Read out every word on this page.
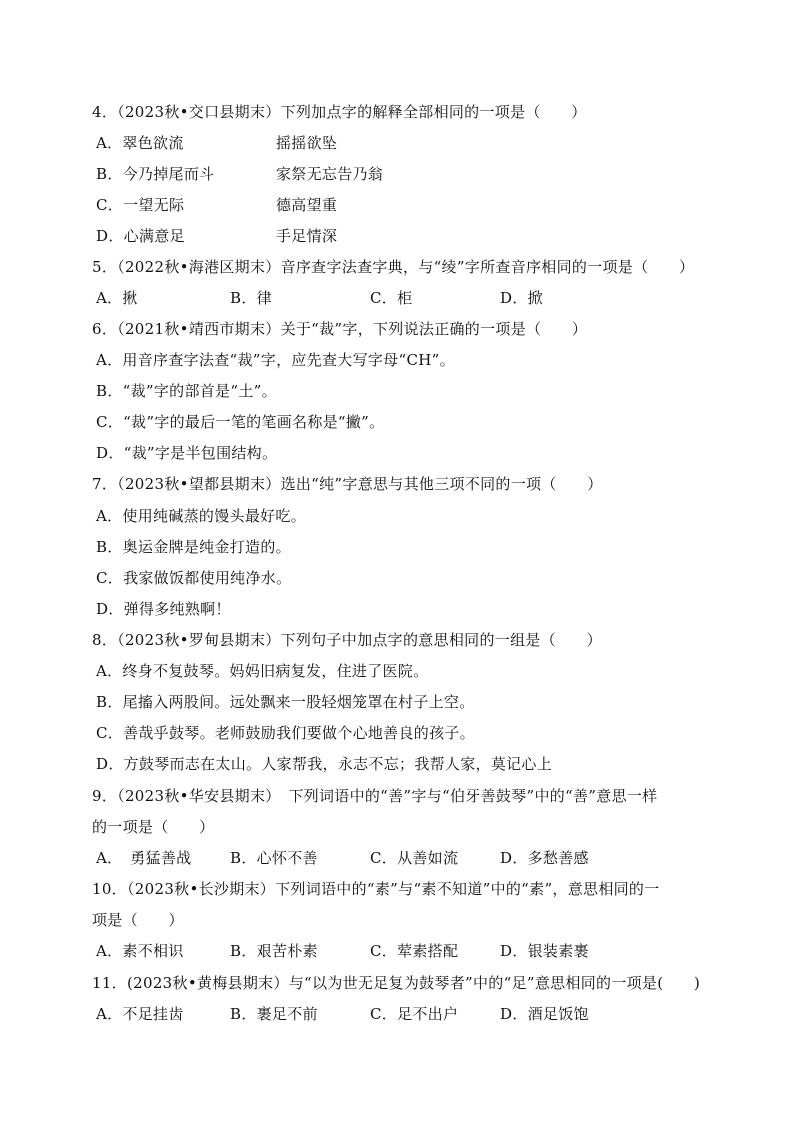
4．（2023秋•交口县期末）下列加点字的解释全部相同的一项是（　　）
A．翠色欲流	摇摇欲坠
B．今乃掉尾而斗	家祭无忘告乃翁
C．一望无际	德高望重
D．心满意足	手足情深
5．（2022秋•海港区期末）音序查字法查字典，与“绫”字所查音序相同的一项是（　　）
A．揪	B．律	C．柜	D．掀
6．（2021秋•靖西市期末）关于“裁”字，下列说法正确的一项是（　　）
A．用音序查字法查“裁”字，应先查大写字母“CH”。
B．“裁”字的部首是“土”。
C．“裁”字的最后一笔的笔画名称是“撇”。
D．“裁”字是半包围结构。
7．（2023秋•望都县期末）选出“纯”字意思与其他三项不同的一项（　　）
A．使用纯碱蒸的馒头最好吃。
B．奥运金牌是纯金打造的。
C．我家做饭都使用纯净水。
D．弹得多纯熟啊！
8．（2023秋•罗甸县期末）下列句子中加点字的意思相同的一组是（　　）
A．终身不复鼓琴。妈妈旧病复发，住进了医院。
B．尾搐入两股间。远处飘来一股轻烟笼罩在村子上空。
C．善哉乎鼓琴。老师鼓励我们要做个心地善良的孩子。
D．方鼓琴而志在太山。人家帮我，永志不忘；我帮人家，莫记心上
9．（2023秋•华安县期末）　下列词语中的“善”字与“伯牙善鼓琴”中的“善”意思一样
的一项是（　　）
A．　勇猛善战	B．心怀不善	C．从善如流	D．多愁善感
10．（2023秋•长沙期末）下列词语中的“素”与“素不知道”中的“素”，意思相同的一
项是（　　）
A．素不相识	B．艰苦朴素	C．荤素搭配	D．银装素裹
11．(2023秋•黄梅县期末）与“以为世无足复为鼓琴者”中的“足”意思相同的一项是(　　)
A．不足挂齿	B．裹足不前	C．足不出户	D．酒足饭饱
